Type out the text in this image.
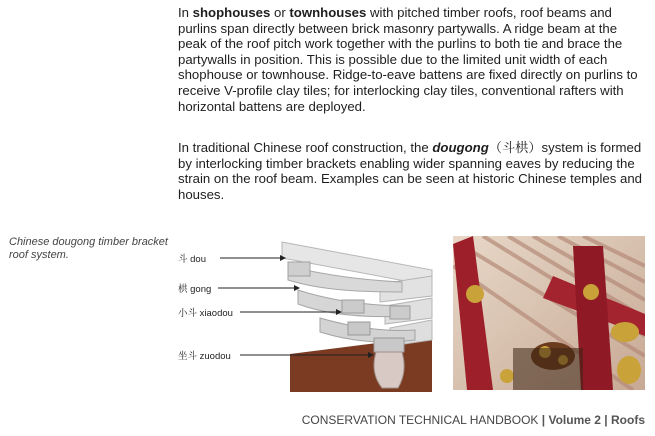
In shophouses or townhouses with pitched timber roofs, roof beams and purlins span directly between brick masonry partywalls. A ridge beam at the peak of the roof pitch work together with the purlins to both tie and brace the partywalls in position. This is possible due to the limited unit width of each shophouse or townhouse. Ridge-to-eave battens are fixed directly on purlins to receive V-profile clay tiles; for interlocking clay tiles, conventional rafters with horizontal battens are deployed.
In traditional Chinese roof construction, the dougong（斗栱）system is formed by interlocking timber brackets enabling wider spanning eaves by reducing the strain on the roof beam. Examples can be seen at historic Chinese temples and houses.
Chinese dougong timber bracket roof system.	斗 dou
栱 gong
小斗 xiaodou
坐斗 zuodou
CONSERVATION TECHNICAL HANDBOOK | Volume 2 | Roofs
